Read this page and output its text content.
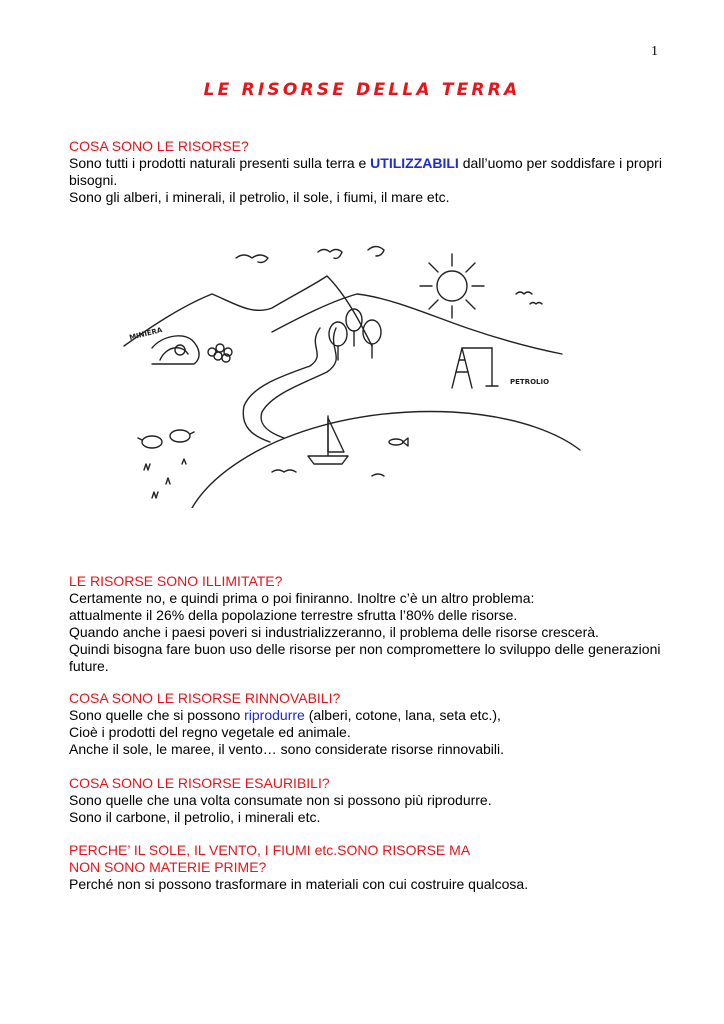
1
LE RISORSE DELLA TERRA
COSA SONO LE RISORSE?
Sono tutti i prodotti naturali presenti sulla terra e UTILIZZABILI dall’uomo per soddisfare i propri bisogni.
Sono gli alberi, i minerali, il petrolio, il sole, i fiumi, il mare etc.
PETROLIO
MINIERA
LE RISORSE SONO ILLIMITATE?
Certamente no, e quindi prima o poi finiranno. Inoltre c’è un altro problema:
attualmente il 26% della popolazione terrestre sfrutta l’80% delle risorse.
Quando anche i paesi poveri si industrializzeranno, il problema delle risorse crescerà.
Quindi bisogna fare buon uso delle risorse per non compromettere lo sviluppo delle generazioni future.
COSA SONO LE RISORSE RINNOVABILI?
Sono quelle che si possono riprodurre (alberi, cotone, lana, seta etc.),
Cioè i prodotti del regno vegetale ed animale.
Anche il sole, le maree, il vento… sono considerate risorse rinnovabili.
COSA SONO LE RISORSE ESAURIBILI?
Sono quelle che una volta consumate non si possono più riprodurre.
Sono il carbone, il petrolio, i minerali etc.
PERCHE’ IL SOLE, IL VENTO, I FIUMI etc.SONO RISORSE MA
NON SONO MATERIE PRIME?
Perché non si possono trasformare in materiali con cui costruire qualcosa.
